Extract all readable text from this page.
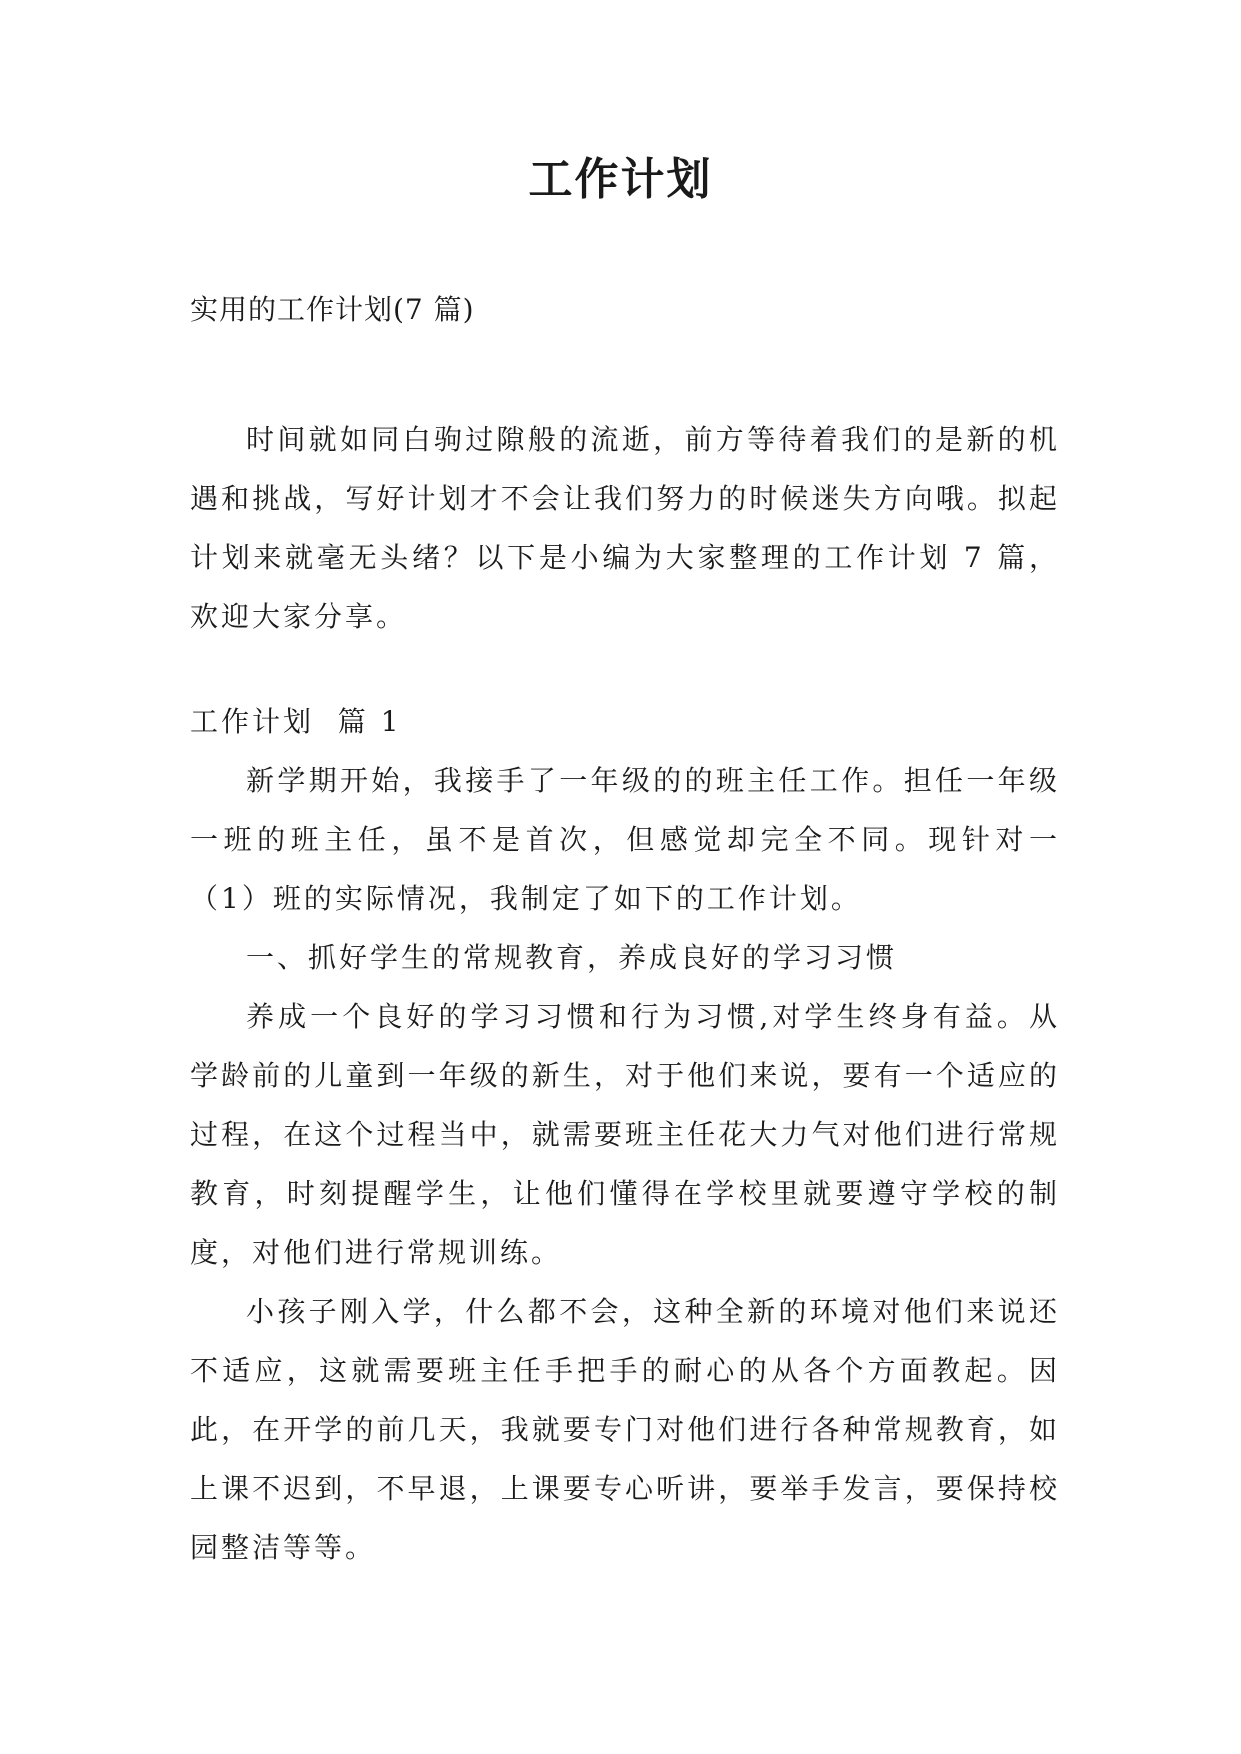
工作计划

实用的工作计划(7 篇)

时间就如同白驹过隙般的流逝，前方等待着我们的是新的机遇和挑战，写好计划才不会让我们努力的时候迷失方向哦。拟起计划来就毫无头绪？以下是小编为大家整理的工作计划 7 篇，欢迎大家分享。

工作计划  篇 1

新学期开始，我接手了一年级的的班主任工作。担任一年级一班的班主任，虽不是首次，但感觉却完全不同。现针对一（1）班的实际情况，我制定了如下的工作计划。

一、抓好学生的常规教育，养成良好的学习习惯

养成一个良好的学习习惯和行为习惯,对学生终身有益。从学龄前的儿童到一年级的新生，对于他们来说，要有一个适应的过程，在这个过程当中，就需要班主任花大力气对他们进行常规教育，时刻提醒学生，让他们懂得在学校里就要遵守学校的制度，对他们进行常规训练。

小孩子刚入学，什么都不会，这种全新的环境对他们来说还不适应，这就需要班主任手把手的耐心的从各个方面教起。因此，在开学的前几天，我就要专门对他们进行各种常规教育，如上课不迟到，不早退，上课要专心听讲，要举手发言，要保持校园整洁等等。
